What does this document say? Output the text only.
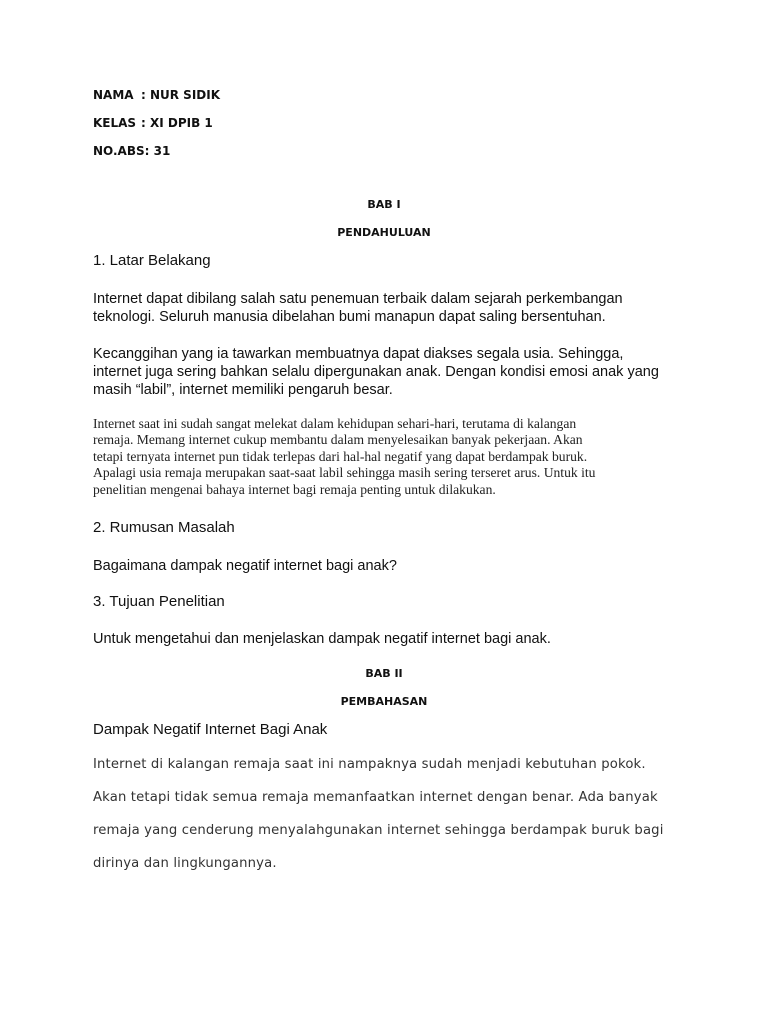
NAMA : NUR SIDIK
KELAS : XI DPIB 1
NO.ABS: 31
BAB I
PENDAHULUAN
1. Latar Belakang
Internet dapat dibilang salah satu penemuan terbaik dalam sejarah perkembangan
teknologi. Seluruh manusia dibelahan bumi manapun dapat saling bersentuhan.
Kecanggihan yang ia tawarkan membuatnya dapat diakses segala usia. Sehingga,
internet juga sering bahkan selalu dipergunakan anak. Dengan kondisi emosi anak yang
masih “labil”, internet memiliki pengaruh besar.
Internet saat ini sudah sangat melekat dalam kehidupan sehari-hari, terutama di kalangan
remaja. Memang internet cukup membantu dalam menyelesaikan banyak pekerjaan. Akan
tetapi ternyata internet pun tidak terlepas dari hal-hal negatif yang dapat berdampak buruk.
Apalagi usia remaja merupakan saat-saat labil sehingga masih sering terseret arus. Untuk itu
penelitian mengenai bahaya internet bagi remaja penting untuk dilakukan.
2. Rumusan Masalah
Bagaimana dampak negatif internet bagi anak?
3. Tujuan Penelitian
Untuk mengetahui dan menjelaskan dampak negatif internet bagi anak.
BAB II
PEMBAHASAN
Dampak Negatif Internet Bagi Anak
Internet di kalangan remaja saat ini nampaknya sudah menjadi kebutuhan pokok.
Akan tetapi tidak semua remaja memanfaatkan internet dengan benar. Ada banyak
remaja yang cenderung menyalahgunakan internet sehingga berdampak buruk bagi
dirinya dan lingkungannya.
